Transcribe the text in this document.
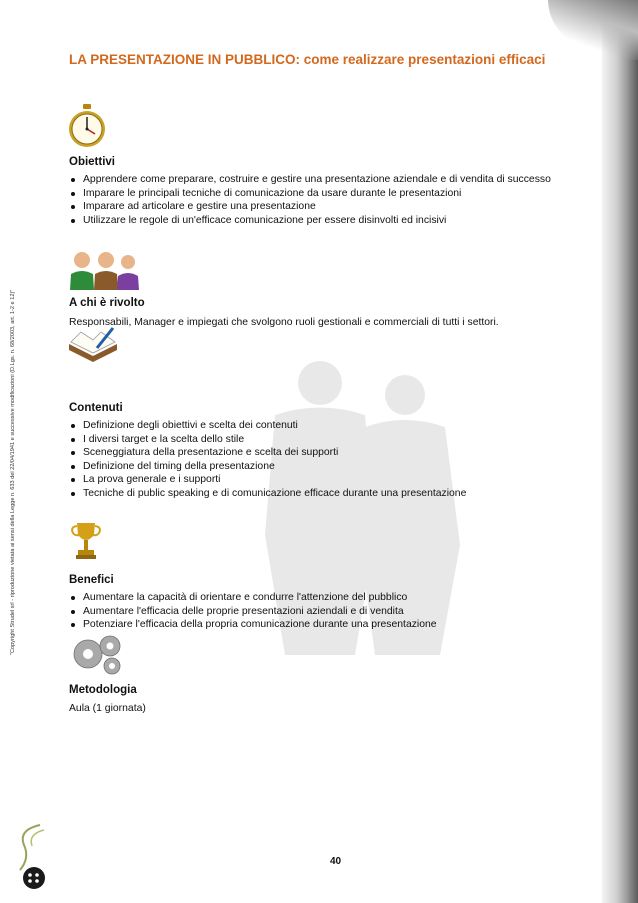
"Copyright Strudel srl - riproduzione vietata ai sensi della Legge n. 633 del 22/04/1941 e successive modificazioni (D.Lgs. n. 68/2003, art. 1-2 e 12)"
LA PRESENTAZIONE IN PUBBLICO: come realizzare presentazioni efficaci
Obiettivi
Apprendere come preparare, costruire e gestire una presentazione aziendale e di vendita di successo
Imparare le principali tecniche di comunicazione da usare durante le presentazioni
Imparare ad articolare e gestire una presentazione
Utilizzare le regole di un'efficace comunicazione per essere disinvolti ed incisivi
A chi è rivolto
Responsabili, Manager e impiegati che svolgono ruoli gestionali e commerciali di tutti i settori.
Contenuti
Definizione degli obiettivi e scelta dei contenuti
I diversi target e la scelta dello stile
Sceneggiatura della presentazione e scelta dei supporti
Definizione del timing della presentazione
La prova generale e i supporti
Tecniche di public speaking e di comunicazione efficace durante una presentazione
Benefici
Aumentare la capacità di orientare e condurre l'attenzione del pubblico
Aumentare l'efficacia delle proprie presentazioni aziendali e di vendita
Potenziare l'efficacia della propria comunicazione durante una presentazione
Metodologia
Aula (1 giornata)
40
